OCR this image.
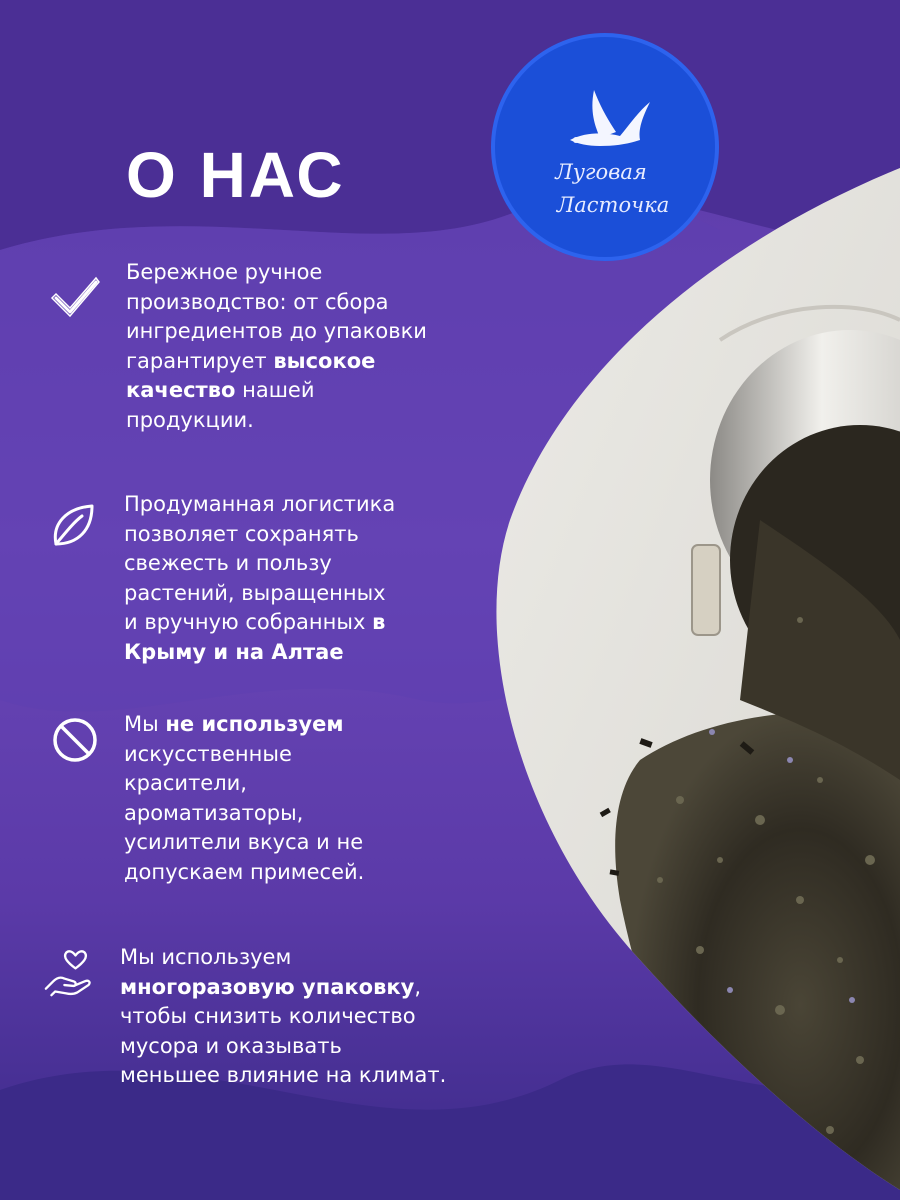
Луговая
Ласточка
О НАС

Бережное ручное
производство: от сбора
ингредиентов до упаковки
гарантирует высокое
качество нашей
продукции.

Продуманная логистика
позволяет сохранять
свежесть и пользу
растений, выращенных
и вручную собранных в
Крыму и на Алтае

Мы не используем
искусственные
красители,
ароматизаторы,
усилители вкуса и не
допускаем примесей.

Мы используем
многоразовую упаковку,
чтобы снизить количество
мусора и оказывать
меньшее влияние на климат.
